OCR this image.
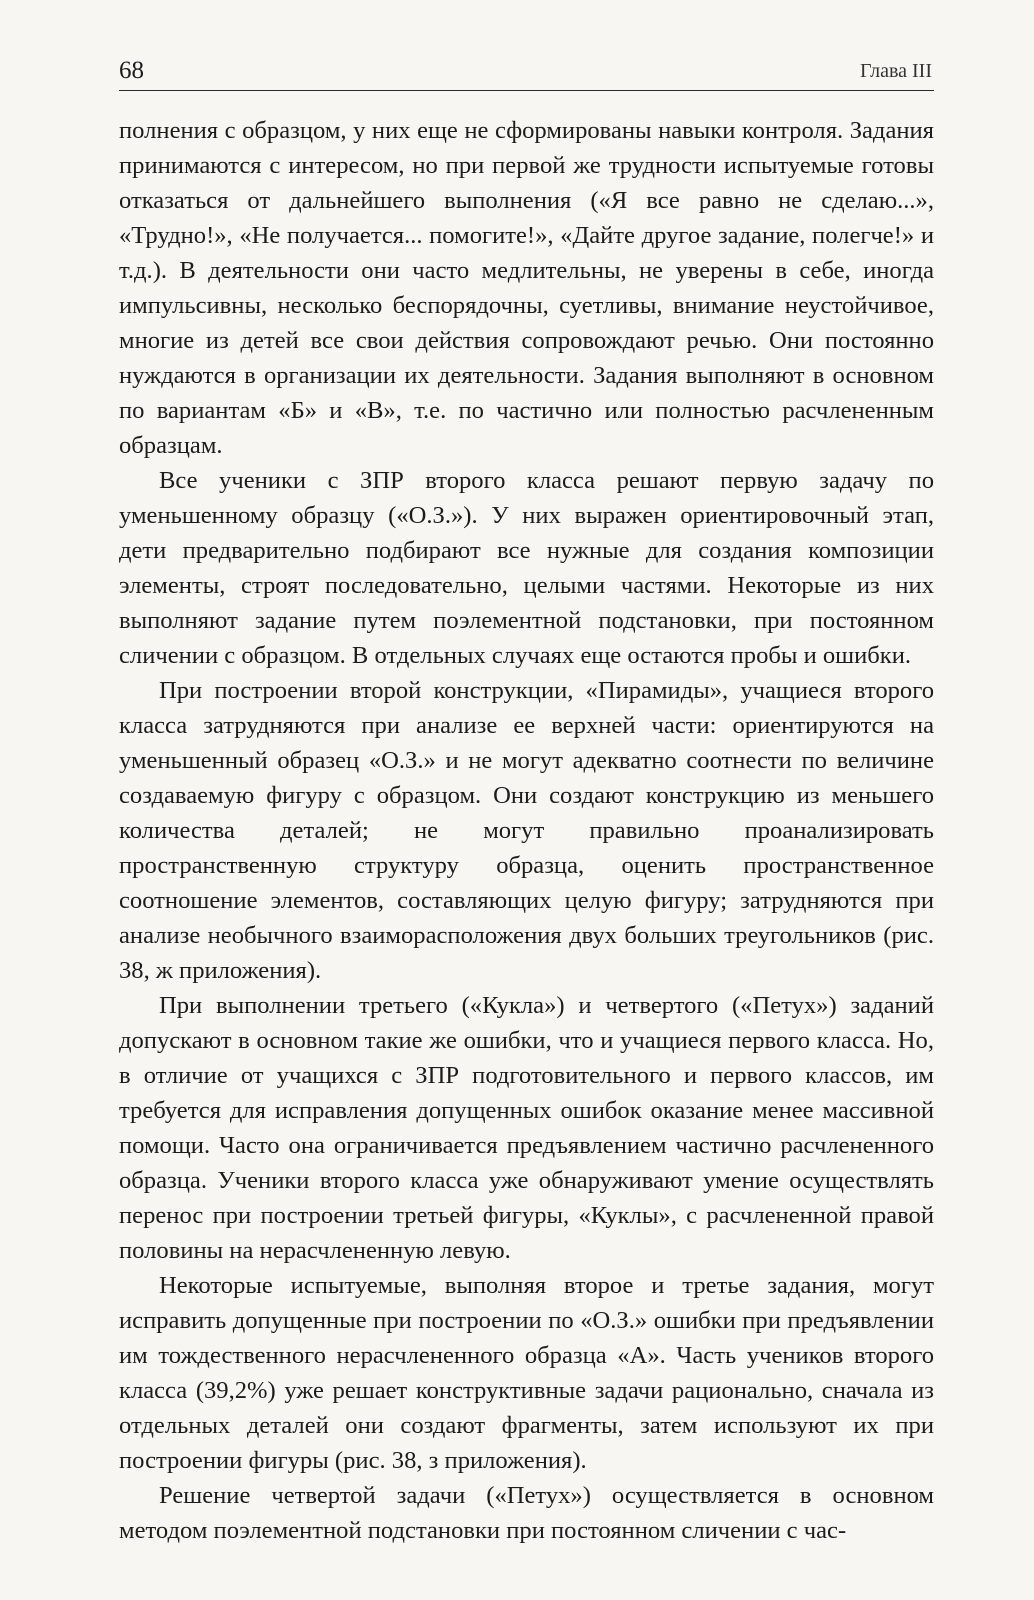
68	Глава III

полнения с образцом, у них еще не сформированы навыки контроля. Задания принимаются с интересом, но при первой же трудности испытуемые готовы отказаться от дальнейшего выполнения («Я все равно не сделаю...», «Трудно!», «Не получается... помогите!», «Дайте другое задание, полегче!» и т.д.). В деятельности они часто медлительны, не уверены в себе, иногда импульсивны, несколько беспорядочны, суетливы, внимание неустойчивое, многие из детей все свои действия сопровождают речью. Они постоянно нуждаются в организации их деятельности. Задания выполняют в основном по вариантам «Б» и «В», т.е. по частично или полностью расчлененным образцам.

Все ученики с ЗПР второго класса решают первую задачу по уменьшенному образцу («О.З.»). У них выражен ориентировочный этап, дети предварительно подбирают все нужные для создания композиции элементы, строят последовательно, целыми частями. Некоторые из них выполняют задание путем поэлементной подстановки, при постоянном сличении с образцом. В отдельных случаях еще остаются пробы и ошибки.

При построении второй конструкции, «Пирамиды», учащиеся второго класса затрудняются при анализе ее верхней части: ориентируются на уменьшенный образец «О.З.» и не могут адекватно соотнести по величине создаваемую фигуру с образцом. Они создают конструкцию из меньшего количества деталей; не могут правильно проанализировать пространственную структуру образца, оценить пространственное соотношение элементов, составляющих целую фигуру; затрудняются при анализе необычного взаиморасположения двух больших треугольников (рис. 38, ж приложения).

При выполнении третьего («Кукла») и четвертого («Петух») заданий допускают в основном такие же ошибки, что и учащиеся первого класса. Но, в отличие от учащихся с ЗПР подготовительного и первого классов, им требуется для исправления допущенных ошибок оказание менее массивной помощи. Часто она ограничивается предъявлением частично расчлененного образца. Ученики второго класса уже обнаруживают умение осуществлять перенос при построении третьей фигуры, «Куклы», с расчлененной правой половины на нерасчлененную левую.

Некоторые испытуемые, выполняя второе и третье задания, могут исправить допущенные при построении по «О.З.» ошибки при предъявлении им тождественного нерасчлененного образца «А». Часть учеников второго класса (39,2%) уже решает конструктивные задачи рационально, сначала из отдельных деталей они создают фрагменты, затем используют их при построении фигуры (рис. 38, з приложения).

Решение четвертой задачи («Петух») осуществляется в основном методом поэлементной подстановки при постоянном сличении с час-
